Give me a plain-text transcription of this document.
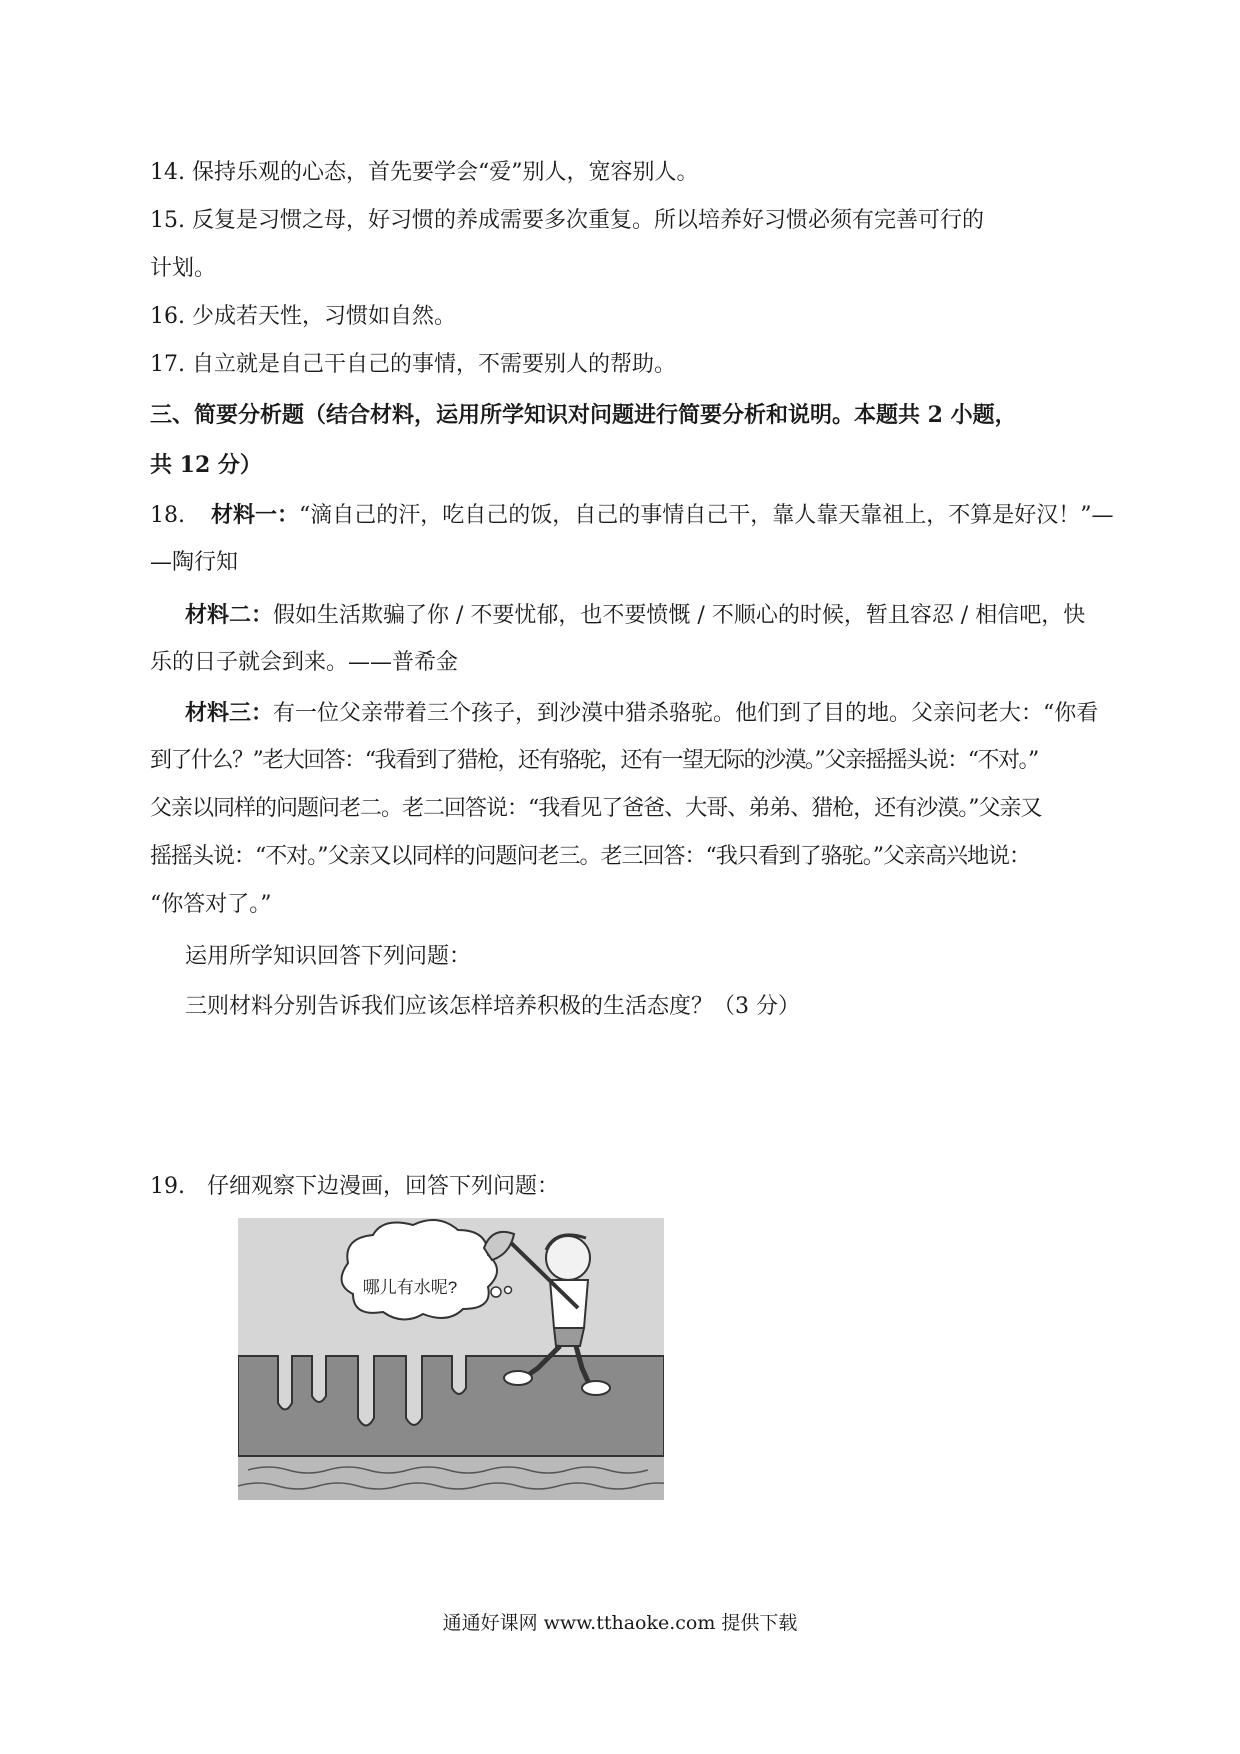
14. 保持乐观的心态，首先要学会“爱”别人，宽容别人。
15. 反复是习惯之母，好习惯的养成需要多次重复。所以培养好习惯必须有完善可行的
计划。
16. 少成若天性，习惯如自然。
17. 自立就是自己干自己的事情，不需要别人的帮助。
三、简要分析题（结合材料，运用所学知识对问题进行简要分析和说明。本题共 2 小题，
共 12 分）
18. 材料一：“滴自己的汗，吃自己的饭，自己的事情自己干，靠人靠天靠祖上，不算是好汉！”—
—陶行知
材料二：假如生活欺骗了你 / 不要忧郁，也不要愤慨 / 不顺心的时候，暂且容忍 / 相信吧，快
乐的日子就会到来。——普希金
材料三：有一位父亲带着三个孩子，到沙漠中猎杀骆驼。他们到了目的地。父亲问老大：“你看
到了什么？”老大回答：“我看到了猎枪，还有骆驼，还有一望无际的沙漠。”父亲摇摇头说：“不对。”
父亲以同样的问题问老二。老二回答说：“我看见了爸爸、大哥、弟弟、猎枪，还有沙漠。”父亲又
摇摇头说：“不对。”父亲又以同样的问题问老三。老三回答：“我只看到了骆驼。”父亲高兴地说：
“你答对了。”
运用所学知识回答下列问题：
三则材料分别告诉我们应该怎样培养积极的生活态度？（3 分）
19.　仔细观察下边漫画，回答下列问题：
哪儿有水呢?
通通好课网 www.tthaoke.com 提供下载
